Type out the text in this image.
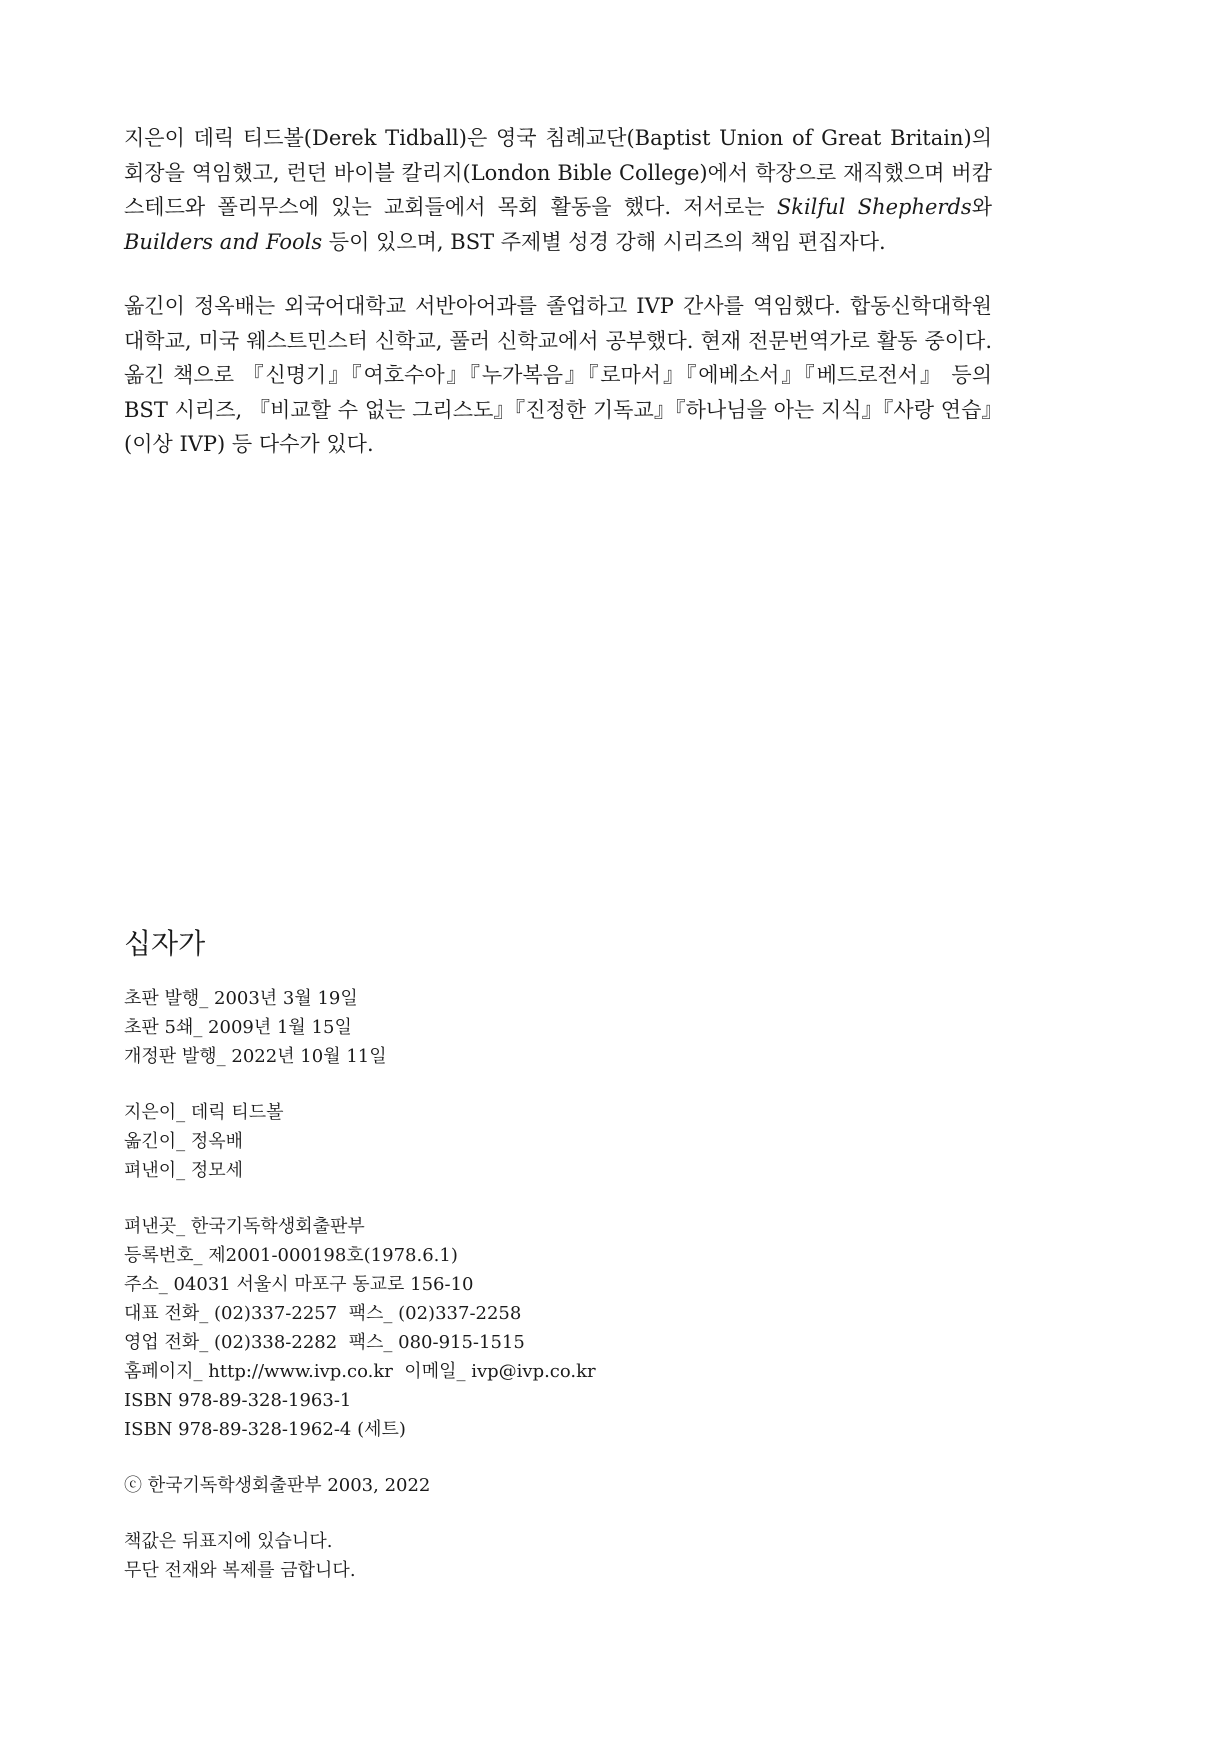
지은이 데릭 티드볼(Derek Tidball)은 영국 침례교단(Baptist Union of Great Britain)의 회장을 역임했고, 런던 바이블 칼리지(London Bible College)에서 학장으로 재직했으며 버캄스테드와 폴리무스에 있는 교회들에서 목회 활동을 했다. 저서로는 Skilful Shepherds와 Builders and Fools 등이 있으며, BST 주제별 성경 강해 시리즈의 책임 편집자다.

옮긴이 정옥배는 외국어대학교 서반아어과를 졸업하고 IVP 간사를 역임했다. 합동신학대학원대학교, 미국 웨스트민스터 신학교, 풀러 신학교에서 공부했다. 현재 전문번역가로 활동 중이다. 옮긴 책으로 『신명기』『여호수아』『누가복음』『로마서』『에베소서』『베드로전서』 등의 BST 시리즈, 『비교할 수 없는 그리스도』『진정한 기독교』『하나님을 아는 지식』『사랑 연습』(이상 IVP) 등 다수가 있다.

십자가
초판 발행_ 2003년 3월 19일
초판 5쇄_ 2009년 1월 15일
개정판 발행_ 2022년 10월 11일
지은이_ 데릭 티드볼
옮긴이_ 정옥배
펴낸이_ 정모세
펴낸곳_ 한국기독학생회출판부
등록번호_ 제2001-000198호(1978.6.1)
주소_ 04031 서울시 마포구 동교로 156-10
대표 전화_ (02)337-2257  팩스_ (02)337-2258
영업 전화_ (02)338-2282  팩스_ 080-915-1515
홈페이지_ http://www.ivp.co.kr  이메일_ ivp@ivp.co.kr
ISBN 978-89-328-1963-1
ISBN 978-89-328-1962-4 (세트)
ⓒ 한국기독학생회출판부 2003, 2022
책값은 뒤표지에 있습니다.
무단 전재와 복제를 금합니다.
